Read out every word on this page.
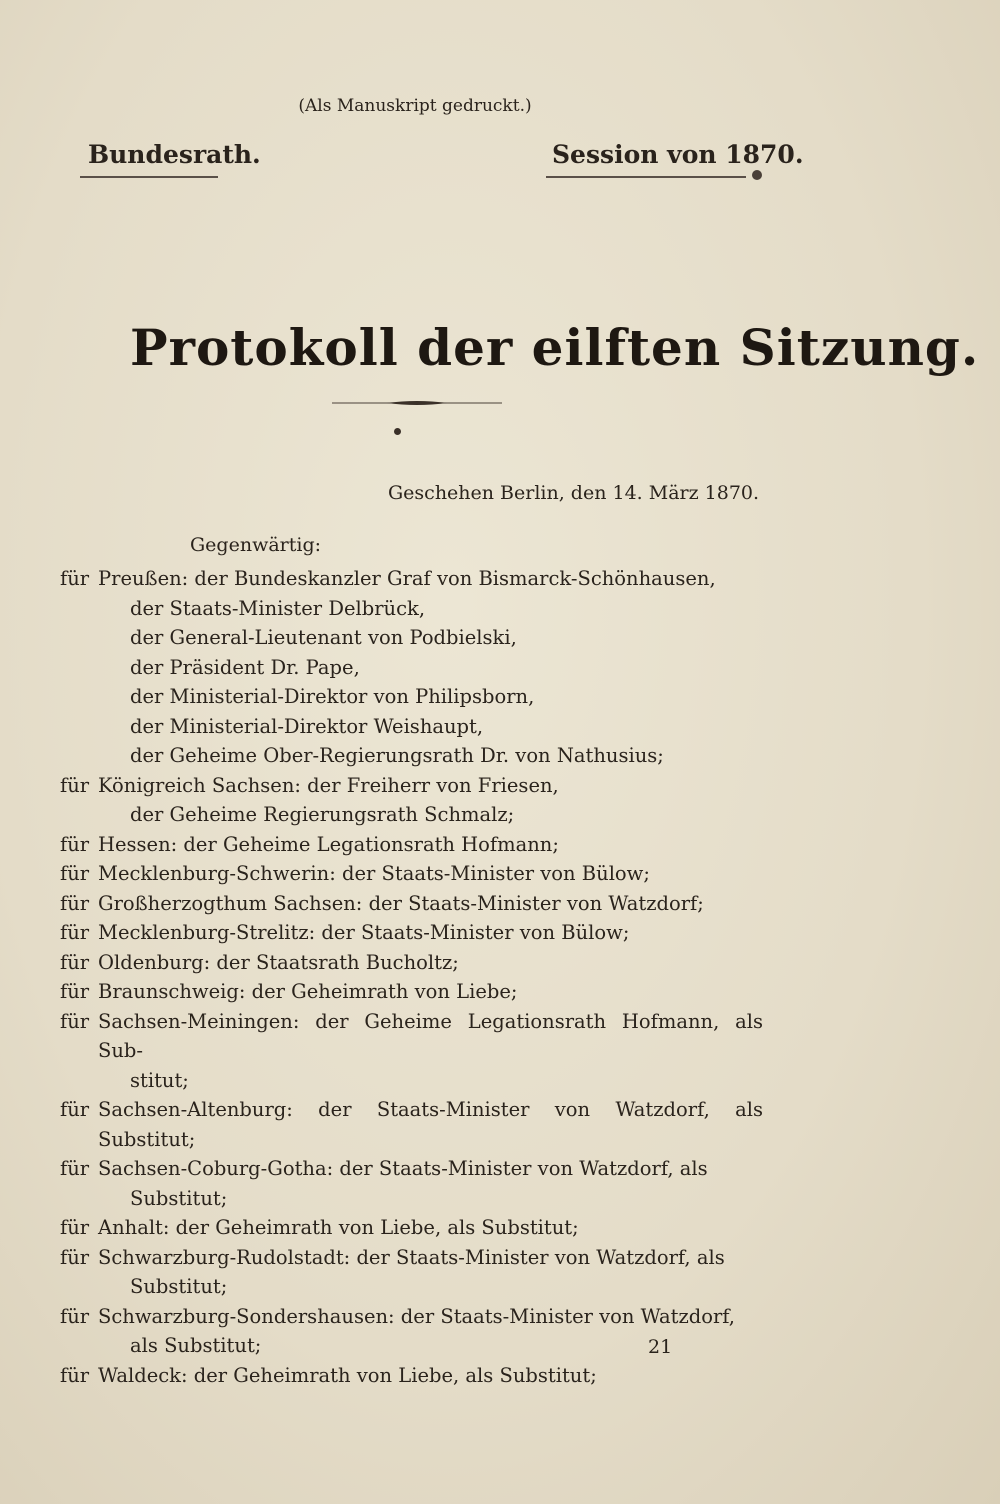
(Als Manuskript gedruckt.)
Bundesrath.	Session von 1870.
Protokoll der eilften Sitzung.
Geschehen Berlin, den 14. März 1870.
Gegenwärtig:
für Preußen: der Bundeskanzler Graf von Bismarck-Schönhausen,
der Staats-Minister Delbrück,
der General-Lieutenant von Podbielski,
der Präsident Dr. Pape,
der Ministerial-Direktor von Philipsborn,
der Ministerial-Direktor Weishaupt,
der Geheime Ober-Regierungsrath Dr. von Nathusius;
für Königreich Sachsen: der Freiherr von Friesen,
der Geheime Regierungsrath Schmalz;
für Hessen: der Geheime Legationsrath Hofmann;
für Mecklenburg-Schwerin: der Staats-Minister von Bülow;
für Großherzogthum Sachsen: der Staats-Minister von Watzdorf;
für Mecklenburg-Strelitz: der Staats-Minister von Bülow;
für Oldenburg: der Staatsrath Bucholtz;
für Braunschweig: der Geheimrath von Liebe;
für Sachsen-Meiningen: der Geheime Legationsrath Hofmann, als Sub-
stitut;
für Sachsen-Altenburg: der Staats-Minister von Watzdorf, als Substitut;
für Sachsen-Coburg-Gotha: der Staats-Minister von Watzdorf, als
Substitut;
für Anhalt: der Geheimrath von Liebe, als Substitut;
für Schwarzburg-Rudolstadt: der Staats-Minister von Watzdorf, als
Substitut;
für Schwarzburg-Sondershausen: der Staats-Minister von Watzdorf,
als Substitut;
für Waldeck: der Geheimrath von Liebe, als Substitut;
21
